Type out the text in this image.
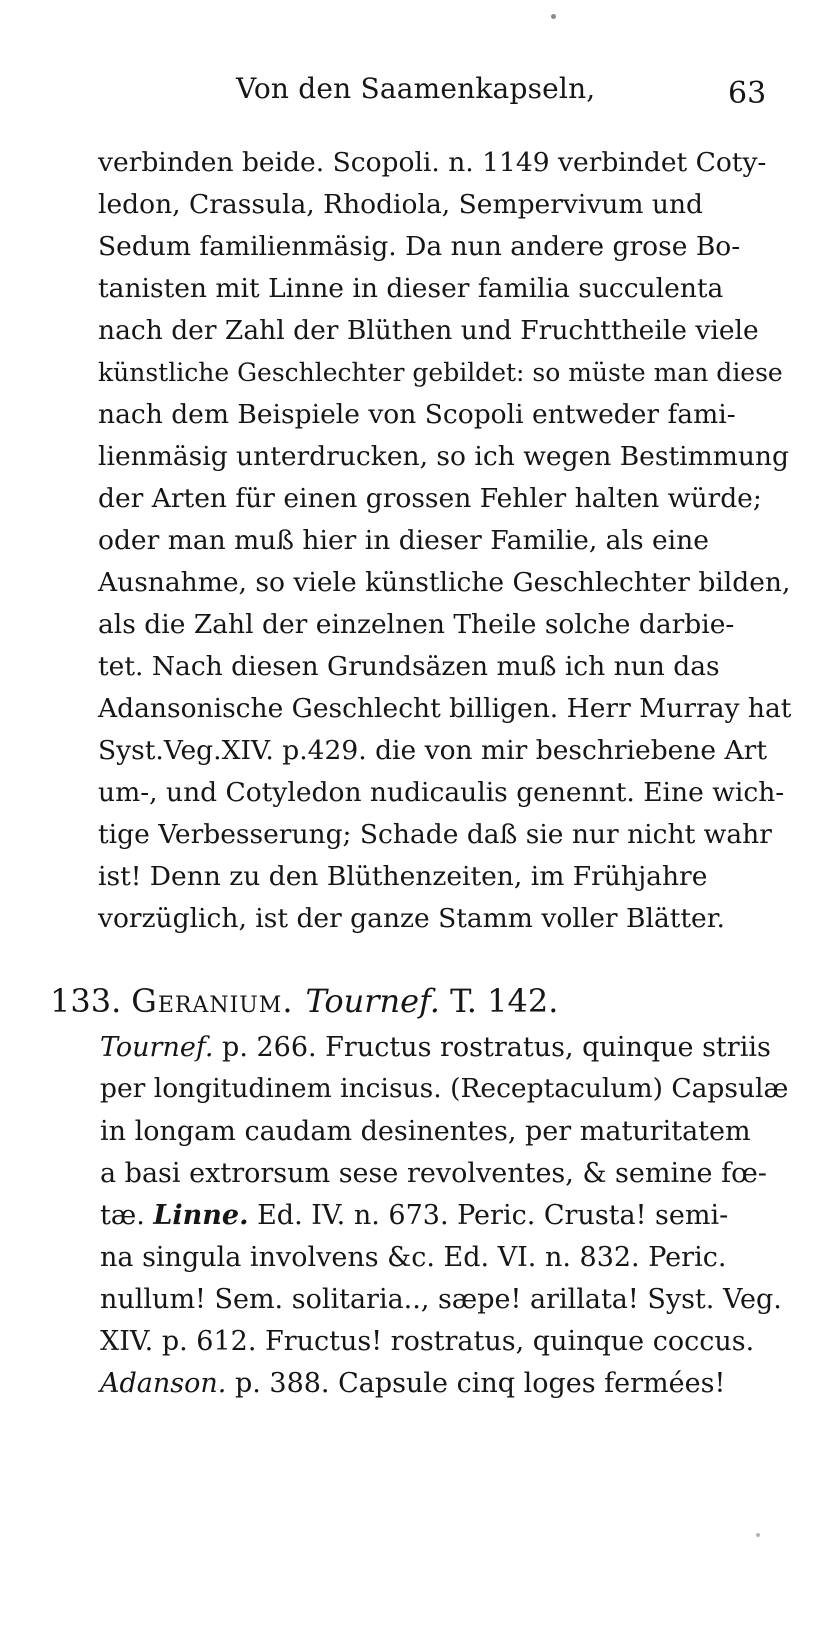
Von den Saamenkapseln,	63
verbinden beide. Scopoli. n. 1149 verbindet Coty-
ledon, Crassula, Rhodiola, Sempervivum und
Sedum familienmäsig. Da nun andere grose Bo-
tanisten mit Linne in dieser familia succulenta
nach der Zahl der Blüthen und Fruchttheile viele
künstliche Geschlechter gebildet: so müste man diese
nach dem Beispiele von Scopoli entweder fami-
lienmäsig unterdrucken, so ich wegen Bestimmung
der Arten für einen grossen Fehler halten würde;
oder man muß hier in dieser Familie, als eine
Ausnahme, so viele künstliche Geschlechter bilden,
als die Zahl der einzelnen Theile solche darbie-
tet. Nach diesen Grundsäzen muß ich nun das
Adansonische Geschlecht billigen. Herr Murray hat
Syst.Veg.XIV. p.429. die von mir beschriebene Art
um-, und Cotyledon nudicaulis genennt. Eine wich-
tige Verbesserung; Schade daß sie nur nicht wahr
ist! Denn zu den Blüthenzeiten, im Frühjahre
vorzüglich, ist der ganze Stamm voller Blätter.
133. Geranium. Tournef. T. 142.
Tournef. p. 266. Fructus rostratus, quinque striis
per longitudinem incisus. (Receptaculum) Capsulæ
in longam caudam desinentes, per maturitatem
a basi extrorsum sese revolventes, & semine fœ-
tæ. Linne. Ed. IV. n. 673. Peric. Crusta! semi-
na singula involvens &c. Ed. VI. n. 832. Peric.
nullum! Sem. solitaria.., sæpe! arillata! Syst. Veg.
XIV. p. 612. Fructus! rostratus, quinque coccus.
Adanson. p. 388. Capsule cinq loges fermées!
